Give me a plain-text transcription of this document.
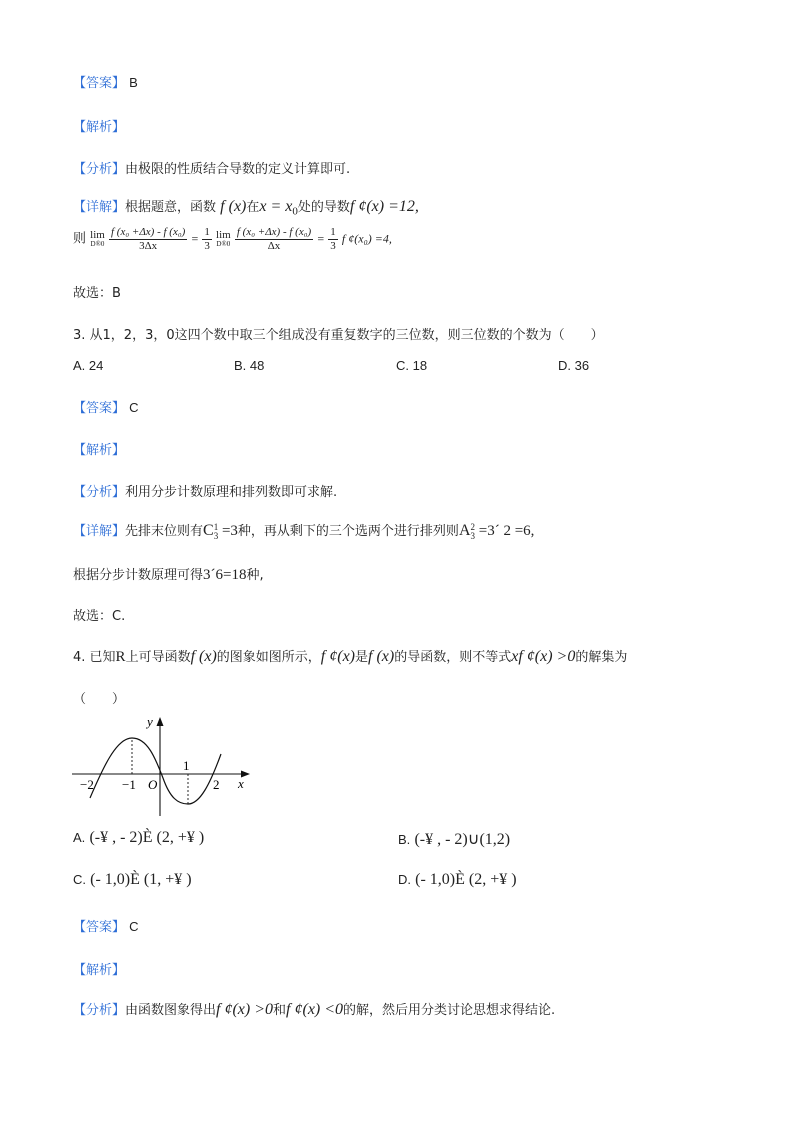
【答案】 B
【解析】
【分析】由极限的性质结合导数的定义计算即可.
【详解】根据题意，函数 f (x)在$x = x_0$处的导数f ¢(x) =12,
则 lim
D®0
$\frac{\text{f (x₀ +Δx) - f (x₀)}}{3\Delta x} = \frac{1}{3}$
lim
D®0
$\frac{\text{f (x₀ +Δx) - f (x₀)}}{\Delta x} = \frac{1}{3}$ f ¢(x₀) =4,
故选：B
3. 从1，2，3，0这四个数中取三个组成没有重复数字的三位数，则三位数的个数为（　　）
A. 24	B. 48	C. 18	D. 36
【答案】 C
【解析】
【分析】利用分步计数原理和排列数即可求解.
【详解】先排末位则有C 1
3 =3种，再从剩下的三个选两个进行排列则A 2
3 =3´ 2 =6,
根据分步计数原理可得3´6=18种,
故选：C.
4. 已知R上可导函数f (x)的图象如图所示，f ¢(x)是f (x)的导函数，则不等式xf ¢(x) >0的解集为
（　　）
y
x
O
−2 −1
1
2
A. (-¥ , - 2)È (2, +¥ )	B. (-¥ , - 2)∪(1,2)
C. (- 1,0)È (1, +¥ )	D. (- 1,0)È (2, +¥ )
【答案】 C
【解析】
【分析】由函数图象得出f ¢(x) >0和f ¢(x) <0的解，然后用分类讨论思想求得结论.
